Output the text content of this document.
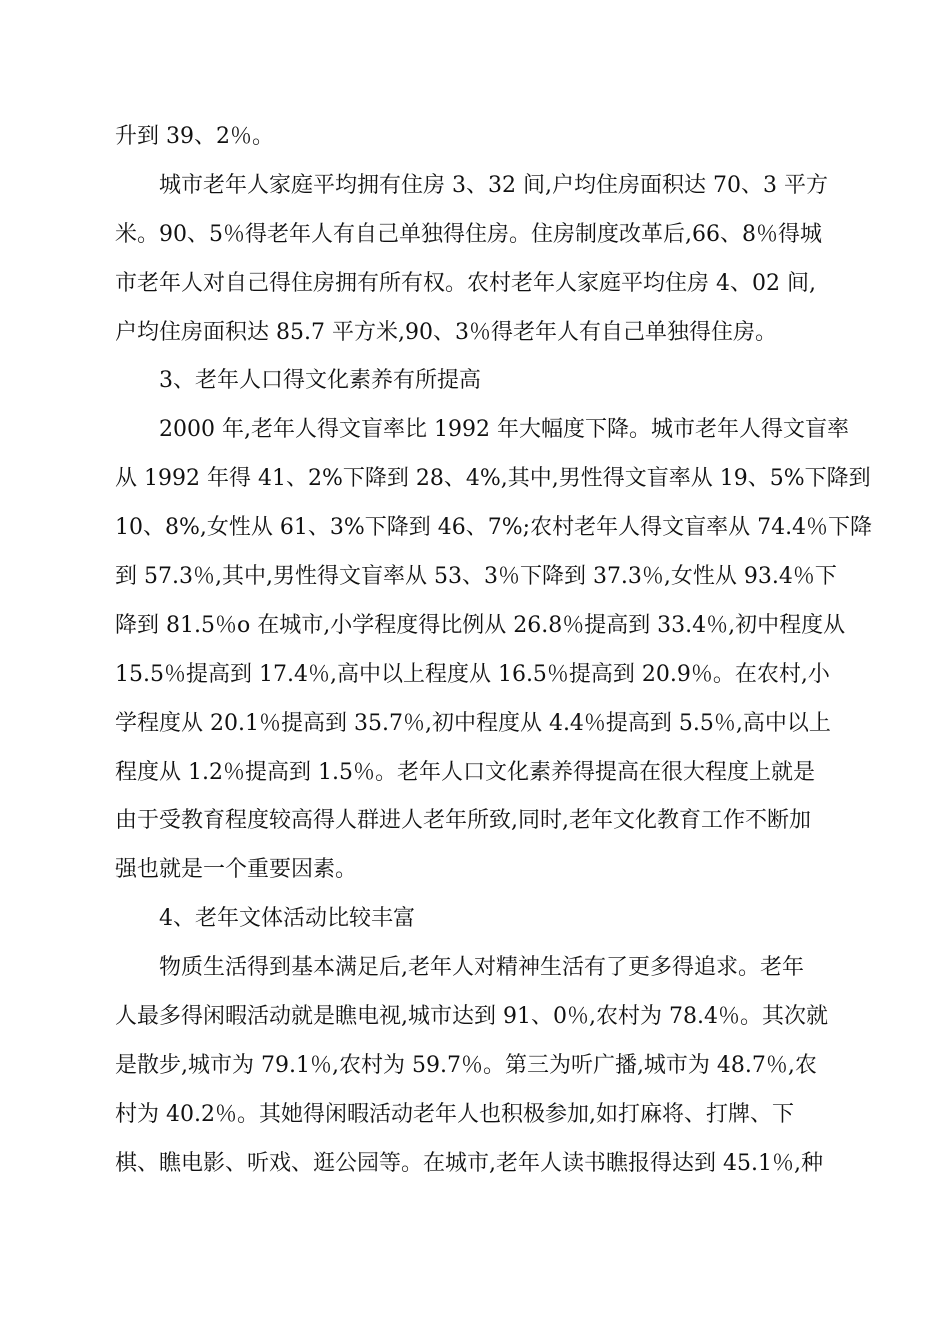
升到 39、2％。
城市老年人家庭平均拥有住房 3、32 间,户均住房面积达 70、3 平方
米。90、5％得老年人有自己单独得住房。住房制度改革后,66、8％得城
市老年人对自己得住房拥有所有权。农村老年人家庭平均住房 4、02 间,
户均住房面积达 85.7 平方米,90、3％得老年人有自己单独得住房。
3、老年人口得文化素养有所提高
2000 年,老年人得文盲率比 1992 年大幅度下降。城市老年人得文盲率
从 1992 年得 41、2%下降到 28、4%,其中,男性得文盲率从 19、5%下降到
10、8%,女性从 61、3%下降到 46、7%;农村老年人得文盲率从 74.4％下降
到 57.3％,其中,男性得文盲率从 53、3％下降到 37.3％,女性从 93.4％下
降到 81.5％o 在城市,小学程度得比例从 26.8％提高到 33.4％,初中程度从
15.5％提高到 17.4％,高中以上程度从 16.5％提高到 20.9％。在农村,小
学程度从 20.1％提高到 35.7％,初中程度从 4.4％提高到 5.5％,高中以上
程度从 1.2％提高到 1.5％。老年人口文化素养得提高在很大程度上就是
由于受教育程度较高得人群进人老年所致,同时,老年文化教育工作不断加
强也就是一个重要因素。
4、老年文体活动比较丰富
物质生活得到基本满足后,老年人对精神生活有了更多得追求。老年
人最多得闲暇活动就是瞧电视,城市达到 91、0％,农村为 78.4％。其次就
是散步,城市为 79.1％,农村为 59.7％。第三为听广播,城市为 48.7％,农
村为 40.2％。其她得闲暇活动老年人也积极参加,如打麻将、打牌、下
棋、瞧电影、听戏、逛公园等。在城市,老年人读书瞧报得达到 45.1％,种
